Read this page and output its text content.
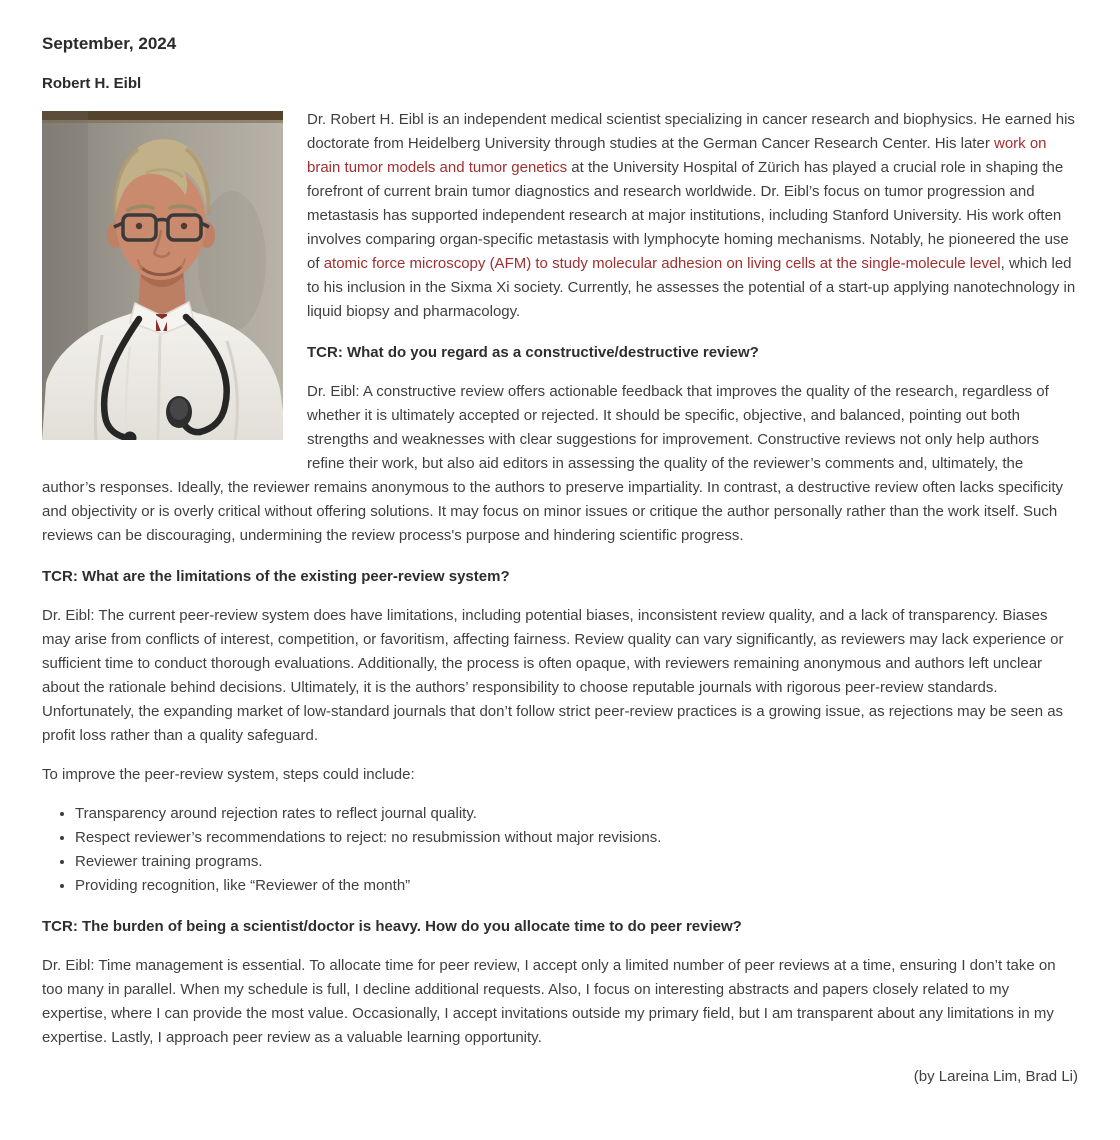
September, 2024
Robert H. Eibl

Dr. Robert H. Eibl is an independent medical scientist specializing in cancer research and biophysics. He earned his doctorate from Heidelberg University through studies at the German Cancer Research Center. His later work on brain tumor models and tumor genetics at the University Hospital of Zürich has played a crucial role in shaping the forefront of current brain tumor diagnostics and research worldwide. Dr. Eibl’s focus on tumor progression and metastasis has supported independent research at major institutions, including Stanford University. His work often involves comparing organ-specific metastasis with lymphocyte homing mechanisms. Notably, he pioneered the use of atomic force microscopy (AFM) to study molecular adhesion on living cells at the single-molecule level, which led to his inclusion in the Sixma Xi society. Currently, he assesses the potential of a start-up applying nanotechnology in liquid biopsy and pharmacology.

TCR: What do you regard as a constructive/destructive review?

Dr. Eibl: A constructive review offers actionable feedback that improves the quality of the research, regardless of whether it is ultimately accepted or rejected. It should be specific, objective, and balanced, pointing out both strengths and weaknesses with clear suggestions for improvement. Constructive reviews not only help authors refine their work, but also aid editors in assessing the quality of the reviewer’s comments and, ultimately, the author’s responses. Ideally, the reviewer remains anonymous to the authors to preserve impartiality. In contrast, a destructive review often lacks specificity and objectivity or is overly critical without offering solutions. It may focus on minor issues or critique the author personally rather than the work itself. Such reviews can be discouraging, undermining the review process's purpose and hindering scientific progress.

TCR: What are the limitations of the existing peer-review system?

Dr. Eibl: The current peer-review system does have limitations, including potential biases, inconsistent review quality, and a lack of transparency. Biases may arise from conflicts of interest, competition, or favoritism, affecting fairness. Review quality can vary significantly, as reviewers may lack experience or sufficient time to conduct thorough evaluations. Additionally, the process is often opaque, with reviewers remaining anonymous and authors left unclear about the rationale behind decisions. Ultimately, it is the authors’ responsibility to choose reputable journals with rigorous peer-review standards. Unfortunately, the expanding market of low-standard journals that don’t follow strict peer-review practices is a growing issue, as rejections may be seen as profit loss rather than a quality safeguard.

To improve the peer-review system, steps could include:

• Transparency around rejection rates to reflect journal quality.
• Respect reviewer’s recommendations to reject: no resubmission without major revisions.
• Reviewer training programs.
• Providing recognition, like “Reviewer of the month”

TCR: The burden of being a scientist/doctor is heavy. How do you allocate time to do peer review?

Dr. Eibl: Time management is essential. To allocate time for peer review, I accept only a limited number of peer reviews at a time, ensuring I don’t take on too many in parallel. When my schedule is full, I decline additional requests. Also, I focus on interesting abstracts and papers closely related to my expertise, where I can provide the most value. Occasionally, I accept invitations outside my primary field, but I am transparent about any limitations in my expertise. Lastly, I approach peer review as a valuable learning opportunity.

(by Lareina Lim, Brad Li)
